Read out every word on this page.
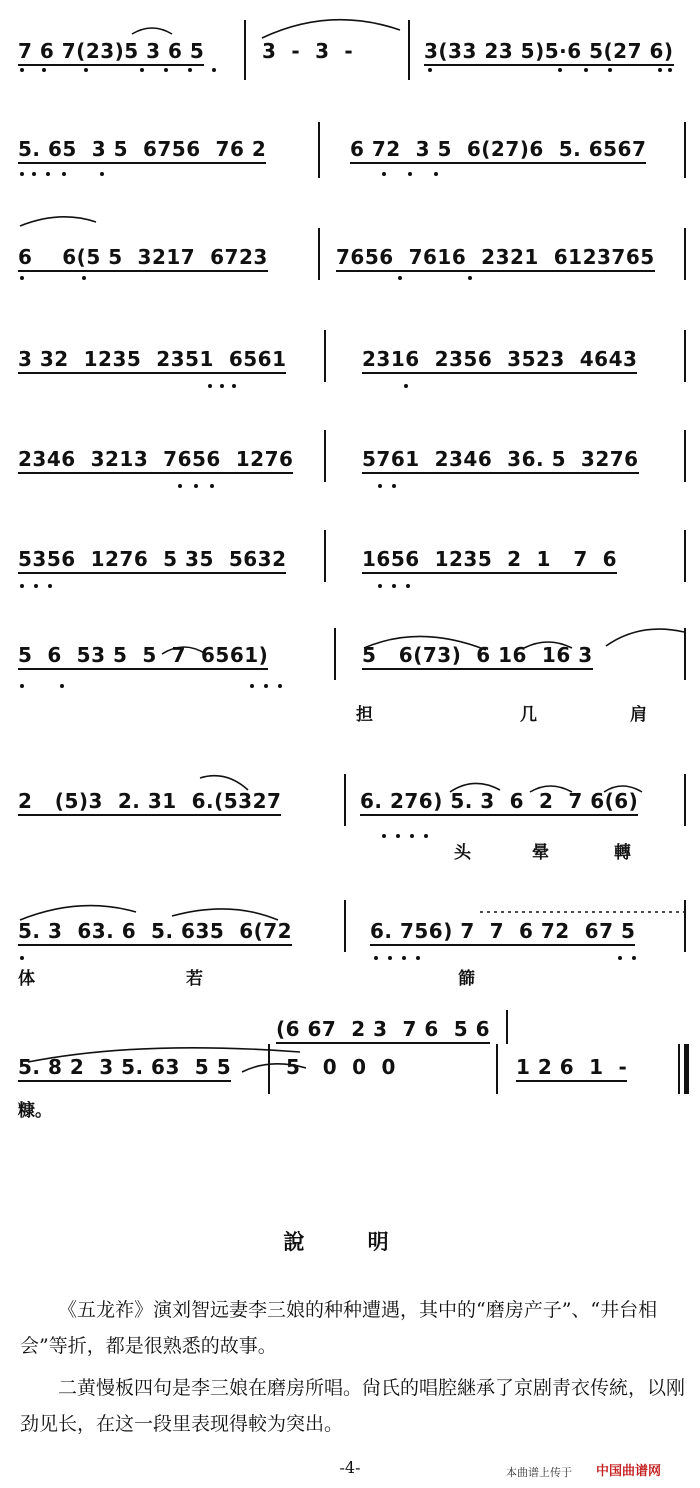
7 6 7(23)5 3 6 5	3  -  3  -	3(33 23 5)5·6 5(27 6)
5. 65  3 5  6756  76 2	6 72  3 5  6(27)6  5. 6567
6    6(5 5  3217  6723	7656  7616  2321  6123765
3 32  1235  2351  6561	2316  2356  3523  4643
2346  3213  7656  1276	5761  2346  36. 5  3276
5356  1276  5 35  5632	1656  1235  2  1   7  6
5  6  53 5  5  7  6561)	5   6(73)  6 16  16 3
担	几	肩
2   (5)3  2. 31  6.(5327	6. 276) 5. 3  6  2  7 6(6)
头	晕	轉
5. 3  63. 6  5. 635  6(72	6. 756) 7  7  6 72  67 5
体	若	篩
(6 67  2 3  7 6  5 6
5. 8 2  3 5. 63  5 5	5   0  0  0	1 2 6  1  -
糠。
說 明

《五龙祚》演刘智远妻李三娘的种种遭遇，其中的“磨房产子”、“井台相会”等折，都是很熟悉的故事。

二黄慢板四句是李三娘在磨房所唱。尙氏的唱腔継承了京剧靑衣传統，以刚劲见长，在这一段里表现得較为突出。

-4-	本曲谱上传于 中国曲谱网
